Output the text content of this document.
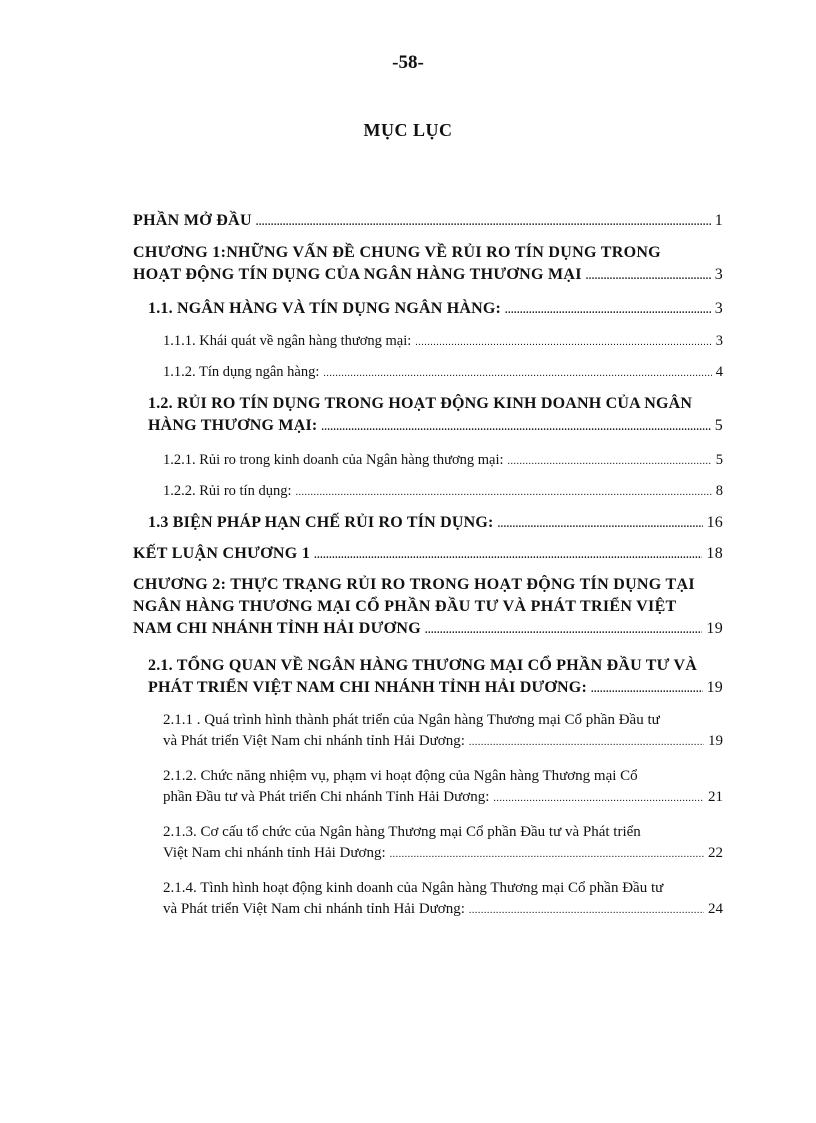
-58-
MỤC LỤC
PHẦN MỞ ĐẦU .....	1
CHƯƠNG 1:NHỮNG VẤN ĐỀ CHUNG VỀ RỦI RO TÍN DỤNG TRONG
HOẠT ĐỘNG TÍN DỤNG CỦA NGÂN HÀNG THƯƠNG MẠI .....	3
1.1. NGÂN HÀNG VÀ TÍN DỤNG NGÂN HÀNG: .....	3
1.1.1. Khái quát về ngân hàng thương mại: .....	3
1.1.2. Tín dụng ngân hàng: .....	4
1.2. RỦI RO TÍN DỤNG TRONG HOẠT ĐỘNG KINH DOANH CỦA NGÂN
HÀNG THƯƠNG MẠI: .....	5
1.2.1. Rủi ro trong kinh doanh của Ngân hàng thương mại: .....	5
1.2.2. Rủi ro tín dụng: .....	8
1.3 BIỆN PHÁP HẠN CHẾ RỦI RO TÍN DỤNG: .....	16
KẾT LUẬN CHƯƠNG 1 .....	18
CHƯƠNG 2: THỰC TRẠNG RỦI RO TRONG HOẠT ĐỘNG TÍN DỤNG TẠI
NGÂN HÀNG THƯƠNG MẠI CỔ PHẦN ĐẦU TƯ VÀ PHÁT TRIỂN VIỆT
NAM CHI NHÁNH TỈNH HẢI DƯƠNG .....	19
2.1. TỔNG QUAN VỀ NGÂN HÀNG THƯƠNG MẠI CỔ PHẦN ĐẦU TƯ VÀ
PHÁT TRIỂN VIỆT NAM CHI NHÁNH TỈNH HẢI DƯƠNG: .....	19
2.1.1 . Quá trình hình thành phát triển của Ngân hàng Thương mại Cổ phần Đầu tư
và Phát triển Việt Nam chi nhánh tỉnh Hải Dương: .....	19
2.1.2. Chức năng nhiệm vụ, phạm vi hoạt động của Ngân hàng Thương mại Cổ
phần Đầu tư và Phát triển Chi nhánh Tỉnh Hải Dương: .....	21
2.1.3. Cơ cấu tổ chức của Ngân hàng Thương mại Cổ phần Đầu tư và Phát triển
Việt Nam chi nhánh tỉnh Hải Dương: .....	22
2.1.4. Tình hình hoạt động kinh doanh của Ngân hàng Thương mại Cổ phần Đầu tư
và Phát triển Việt Nam chi nhánh tỉnh Hải Dương: .....	24
